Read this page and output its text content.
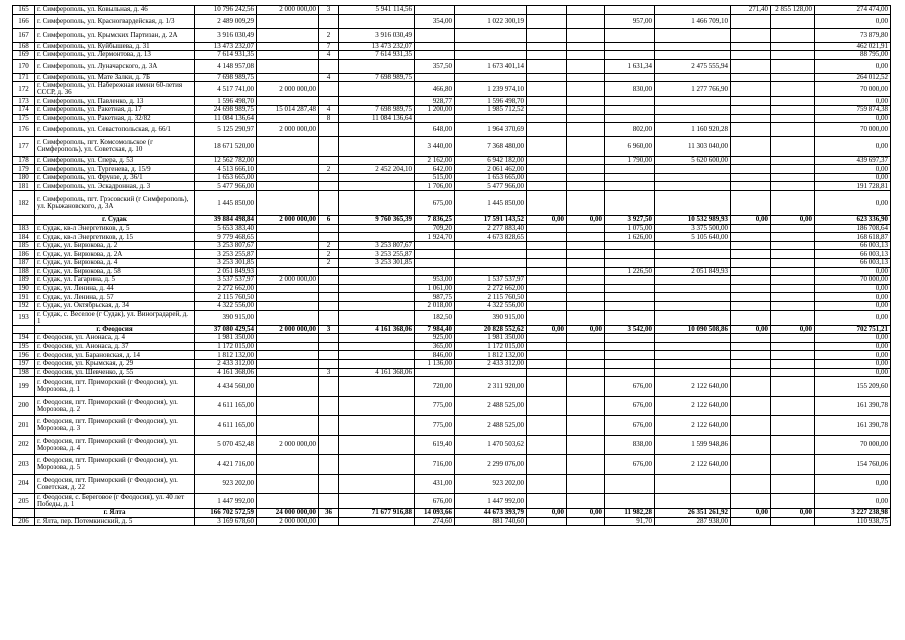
165	г. Симферополь, ул. Ковыльная, д. 46	10 796 242,56	2 000 000,00	3	5 941 114,56							271,40	2 855 128,00	274 474,00
166	г. Симферополь, ул. Красногвардейская, д. 1/3	2 489 009,29				354,00	1 022 300,19			957,00	1 466 709,10			0,00
167	г. Симферополь, ул. Крымских Партизан, д. 2А	3 916 030,49		2	3 916 030,49									73 879,80
168	г. Симферополь, ул. Куйбышева, д. 31	13 473 232,07		7	13 473 232,07									462 021,91
169	г. Симферополь, ул. Лермонтова, д. 13	7 614 931,35		4	7 614 931,35									88 795,00
170	г. Симферополь, ул. Луначарского, д. 3А	4 148 957,08				357,50	1 673 401,14			1 631,34	2 475 555,94			0,00
171	г. Симферополь, ул. Мате Залки, д. 7Б	7 698 989,75		4	7 698 989,75									264 012,52
172	г. Симферополь, ул. Набережная имени 60-летия СССР, д. 36	4 517 741,00	2 000 000,00			466,80	1 239 974,10			830,00	1 277 766,90			70 000,00
173	г. Симферополь, ул. Павленко, д. 13	1 596 498,70				928,77	1 596 498,70							0,00
174	г. Симферополь, ул. Ракетная, д. 17	24 698 989,75	15 014 287,48	4	7 698 989,75	1 200,00	1 985 712,52							759 874,38
175	г. Симферополь, ул. Ракетная, д. 32/82	11 084 136,64		8	11 084 136,64									0,00
176	г. Симферополь, ул. Севастопольская, д. 66/1	5 125 290,97	2 000 000,00			648,00	1 964 370,69			802,00	1 160 920,28			70 000,00
177	г. Симферополь, пгт. Комсомольское (г Симферополь), ул. Советская, д. 10	18 671 520,00				3 440,00	7 368 480,00			6 960,00	11 303 040,00			0,00
178	г. Симферополь, ул. Спера, д. 53	12 562 782,00				2 162,00	6 942 182,00			1 790,00	5 620 600,00			439 697,37
179	г. Симферополь, ул. Тургенева, д. 15/9	4 513 666,10		2	2 452 204,10	642,00	2 061 462,00							0,00
180	г. Симферополь, ул. Фрунзе, д. 36/1	1 653 665,00				515,00	1 653 665,00							0,00
181	г. Симферополь, ул. Эскадронная, д. 3	5 477 966,00				1 706,00	5 477 966,00							191 728,81
182	г. Симферополь, пгт. Грэсовский (г Симферополь), ул. Крыжановского, д. 3А	1 445 850,00				675,00	1 445 850,00							0,00
	г. Судак	39 884 498,84	2 000 000,00	6	9 760 365,39	7 836,25	17 591 143,52	0,00	0,00	3 927,50	10 532 989,93	0,00	0,00	623 336,90
183	г. Судак, кв-л Энергетиков, д. 5	5 653 383,40				709,20	2 277 883,40			1 075,00	3 375 500,00			186 708,64
184	г. Судак, кв-л Энергетиков, д. 15	9 779 468,65				1 924,70	4 673 828,65			1 626,00	5 105 640,00			168 618,87
185	г. Судак, ул. Бирюкова, д. 2	3 253 807,67		2	3 253 807,67									66 003,13
186	г. Судак, ул. Бирюкова, д. 2А	3 253 255,87		2	3 253 255,87									66 003,13
187	г. Судак, ул. Бирюкова, д. 4	3 253 301,85		2	3 253 301,85									66 003,13
188	г. Судак, ул. Бирюкова, д. 58	2 051 849,93								1 226,50	2 051 849,93			0,00
189	г. Судак, ул. Гагарина, д. 5	3 537 537,97	2 000 000,00			953,00	1 537 537,97							70 000,00
190	г. Судак, ул. Ленина, д. 44	2 272 662,00				1 061,00	2 272 662,00							0,00
191	г. Судак, ул. Ленина, д. 57	2 115 760,50				987,75	2 115 760,50							0,00
192	г. Судак, ул. Октябрьская, д. 34	4 322 556,00				2 018,00	4 322 556,00							0,00
193	г. Судак, с. Веселое (г Судак), ул. Виноградарей, д. 1	390 915,00				182,50	390 915,00							0,00
	г. Феодосия	37 080 429,54	2 000 000,00	3	4 161 368,06	7 984,40	20 828 552,62	0,00	0,00	3 542,00	10 090 508,86	0,00	0,00	702 751,21
194	г. Феодосия, ул. Анонаса, д. 4	1 981 350,00				925,00	1 981 350,00							0,00
195	г. Феодосия, ул. Анонаса, д. 37	1 172 015,00				365,00	1 172 015,00							0,00
196	г. Феодосия, ул. Барановская, д. 14	1 812 132,00				846,00	1 812 132,00							0,00
197	г. Феодосия, ул. Крымская, д. 29	2 433 312,00				1 136,00	2 433 312,00							0,00
198	г. Феодосия, ул. Шевченко, д. 55	4 161 368,06		3	4 161 368,06									0,00
199	г. Феодосия, пгт. Приморский (г Феодосия), ул. Морозова, д. 1	4 434 560,00				720,00	2 311 920,00			676,00	2 122 640,00			155 209,60
200	г. Феодосия, пгт. Приморский (г Феодосия), ул. Морозова, д. 2	4 611 165,00				775,00	2 488 525,00			676,00	2 122 640,00			161 390,78
201	г. Феодосия, пгт. Приморский (г Феодосия), ул. Морозова, д. 3	4 611 165,00				775,00	2 488 525,00			676,00	2 122 640,00			161 390,78
202	г. Феодосия, пгт. Приморский (г Феодосия), ул. Морозова, д. 4	5 070 452,48	2 000 000,00			619,40	1 470 503,62			838,00	1 599 948,86			70 000,00
203	г. Феодосия, пгт. Приморский (г Феодосия), ул. Морозова, д. 5	4 421 716,00				716,00	2 299 076,00			676,00	2 122 640,00			154 760,06
204	г. Феодосия, пгт. Приморский (г Феодосия), ул. Советская, д. 22	923 202,00				431,00	923 202,00							0,00
205	г. Феодосия, с. Береговое (г Феодосия), ул. 40 лет Победы, д. 1	1 447 992,00				676,00	1 447 992,00							0,00
	г. Ялта	166 702 572,59	24 000 000,00	36	71 677 916,88	14 093,66	44 673 393,79	0,00	0,00	11 982,28	26 351 261,92	0,00	0,00	3 227 238,98
206	г. Ялта, пер. Потемкинский, д. 5	3 169 678,60	2 000 000,00			274,60	881 740,60			91,70	287 938,00			110 938,75
